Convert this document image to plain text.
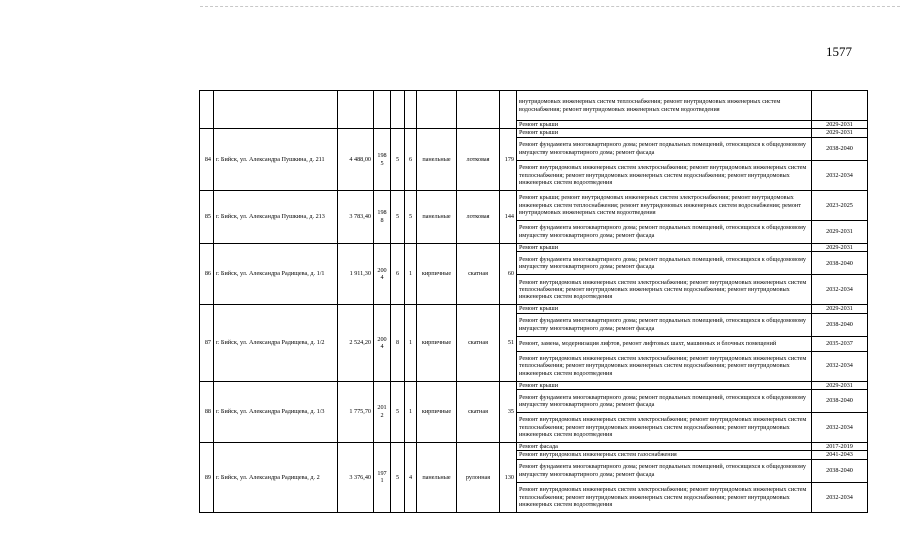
1577
									внутридомовых инженерных систем теплоснабжения; ремонт внутридомовых инженерных систем водоснабжения; ремонт внутридомовых инженерных систем водоотведения	
									Ремонт крыши	2029-2031
84	г. Бийск, ул. Александра Пушкина, д. 211	4 488,00	1985	5	6	панельные	лотковая	179	Ремонт крыши	2029-2031
									Ремонт фундамента многоквартирного дома; ремонт подвальных помещений, относящихся к общедомовому имуществу многоквартирного дома; ремонт фасада	2038-2040
									Ремонт внутридомовых инженерных систем электроснабжения; ремонт внутридомовых инженерных систем теплоснабжения; ремонт внутридомовых инженерных систем водоснабжения; ремонт внутридомовых инженерных систем водоотведения	2032-2034
85	г. Бийск, ул. Александра Пушкина, д. 213	3 783,40	1988	5	5	панельные	лотковая	144	Ремонт крыши; ремонт внутридомовых инженерных систем электроснабжения; ремонт внутридомовых инженерных систем теплоснабжения; ремонт внутридомовых инженерных систем водоснабжения; ремонт внутридомовых инженерных систем водоотведения	2023-2025
									Ремонт фундамента многоквартирного дома; ремонт подвальных помещений, относящихся к общедомовому имуществу многоквартирного дома; ремонт фасада	2029-2031
86	г. Бийск, ул. Александра Радищева, д. 1/1	1 911,30	2004	6	1	кирпичные	скатная	60	Ремонт крыши	2029-2031
									Ремонт фундамента многоквартирного дома; ремонт подвальных помещений, относящихся к общедомовому имуществу многоквартирного дома; ремонт фасада	2038-2040
									Ремонт внутридомовых инженерных систем электроснабжения; ремонт внутридомовых инженерных систем теплоснабжения; ремонт внутридомовых инженерных систем водоснабжения; ремонт внутридомовых инженерных систем водоотведения	2032-2034
87	г. Бийск, ул. Александра Радищева, д. 1/2	2 524,20	2004	8	1	кирпичные	скатная	51	Ремонт крыши	2029-2031
									Ремонт фундамента многоквартирного дома; ремонт подвальных помещений, относящихся к общедомовому имуществу многоквартирного дома; ремонт фасада	2038-2040
									Ремонт, замена, модернизация лифтов, ремонт лифтовых шахт, машинных и блочных помещений	2035-2037
									Ремонт внутридомовых инженерных систем электроснабжения; ремонт внутридомовых инженерных систем теплоснабжения; ремонт внутридомовых инженерных систем водоснабжения; ремонт внутридомовых инженерных систем водоотведения	2032-2034
88	г. Бийск, ул. Александра Радищева, д. 1/3	1 775,70	2012	5	1	кирпичные	скатная	35	Ремонт крыши	2029-2031
									Ремонт фундамента многоквартирного дома; ремонт подвальных помещений, относящихся к общедомовому имуществу многоквартирного дома; ремонт фасада	2038-2040
									Ремонт внутридомовых инженерных систем электроснабжения; ремонт внутридомовых инженерных систем теплоснабжения; ремонт внутридомовых инженерных систем водоснабжения; ремонт внутридомовых инженерных систем водоотведения	2032-2034
89	г. Бийск, ул. Александра Радищева, д. 2	3 376,40	1971	5	4	панельные	рулонная	130	Ремонт фасада	2017-2019
									Ремонт внутридомовых инженерных систем газоснабжения	2041-2043
									Ремонт фундамента многоквартирного дома; ремонт подвальных помещений, относящихся к общедомовому имуществу многоквартирного дома; ремонт фасада	2038-2040
									Ремонт внутридомовых инженерных систем электроснабжения; ремонт внутридомовых инженерных систем теплоснабжения; ремонт внутридомовых инженерных систем водоснабжения; ремонт внутридомовых инженерных систем водоотведения	2032-2034
